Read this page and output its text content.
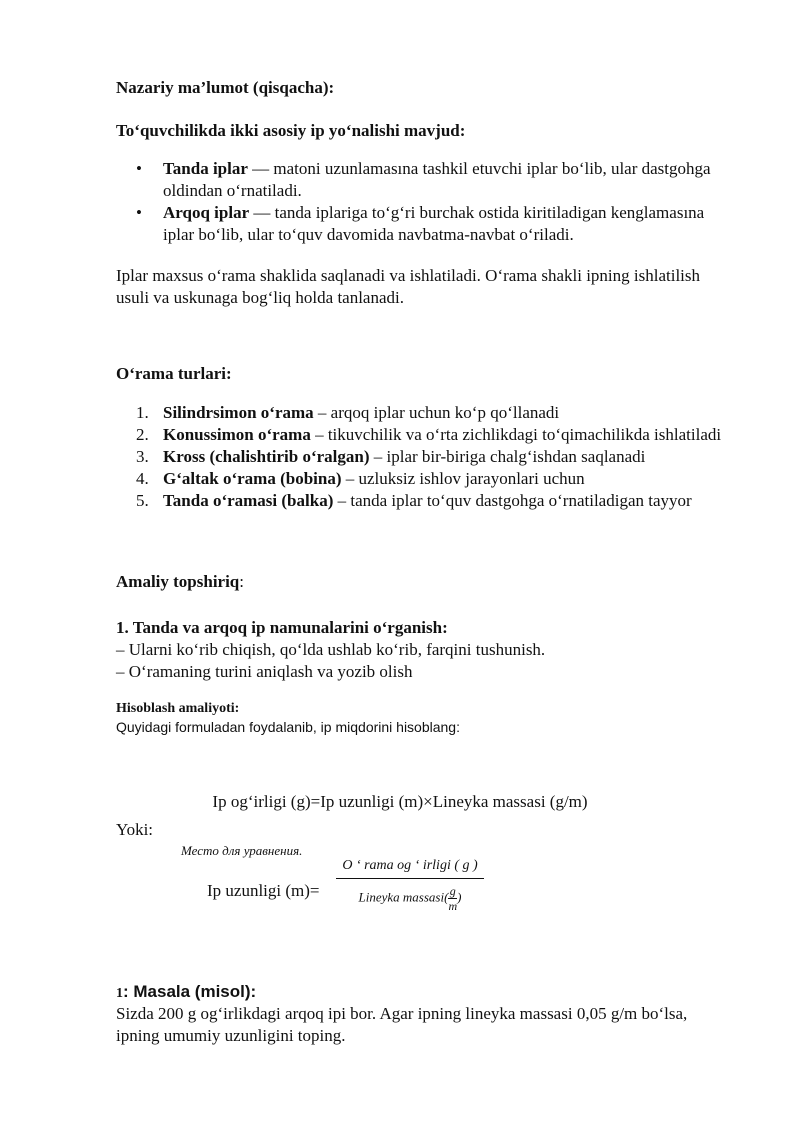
Nazariy ma’lumot (qisqacha):

To‘quvchilikda ikki asosiy ip yo‘nalishi mavjud:

• Tanda iplar — matoni uzunlamasına tashkil etuvchi iplar bo‘lib, ular dastgohga oldindan o‘rnatiladi.
• Arqoq iplar — tanda iplariga to‘g‘ri burchak ostida kiritiladigan kenglamasına iplar bo‘lib, ular to‘quv davomida navbatma-navbat o‘riladi.

Iplar maxsus o‘rama shaklida saqlanadi va ishlatiladi. O‘rama shakli ipning ishlatilish usuli va uskunaga bog‘liq holda tanlanadi.

O‘rama turlari:

1. Silindrsimon o‘rama – arqoq iplar uchun ko‘p qo‘llanadi
2. Konussimon o‘rama – tikuvchilik va o‘rta zichlikdagi to‘qimachilikda ishlatiladi
3. Kross (chalishtirib o‘ralgan) – iplar bir-biriga chalg‘ishdan saqlanadi
4. G‘altak o‘rama (bobina) – uzluksiz ishlov jarayonlari uchun
5. Tanda o‘ramasi (balka) – tanda iplar to‘quv dastgohga o‘rnatiladigan tayyor

Amaliy topshiriq:

1. Tanda va arqoq ip namunalarini o‘rganish:

– Ularni ko‘rib chiqish, qo‘lda ushlab ko‘rib, farqini tushunish.

– O‘ramaning turini aniqlash va yozib olish

Hisoblash amaliyoti:

Quyidagi formuladan foydalanib, ip miqdorini hisoblang:

Ip og‘irligi (g)=Ip uzunligi (m)×Lineyka massasi (g/m)

Yoki:

Место для уравнения.

Ip uzunligi (m)=

O ‘ rama og ‘ irligi ( g )
Lineyka massasi( $\frac{g}{m}$ )

1: Masala (misol):

Sizda 200 g og‘irlikdagi arqoq ipi bor. Agar ipning lineyka massasi 0,05 g/m bo‘lsa, ipning umumiy uzunligini toping.
